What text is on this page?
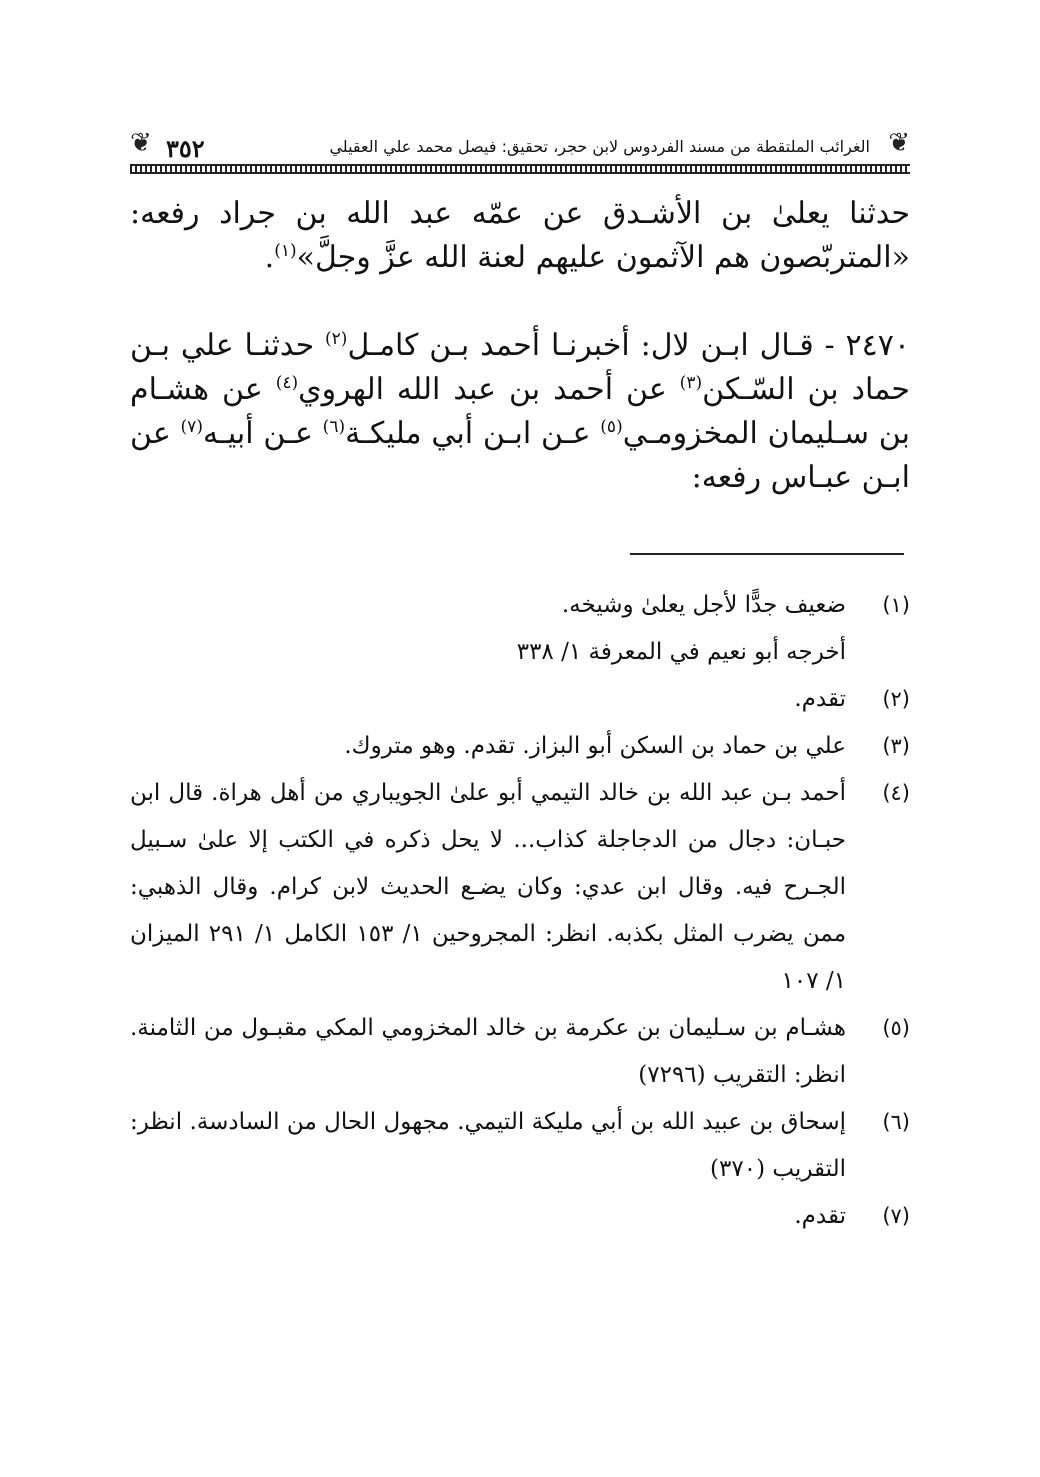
❦
الغرائب الملتقطة من مسند الفردوس لابن حجر، تحقيق: فيصل محمد علي العقيلي
٣٥٢
❦

حدثنا يعلىٰ بن الأشـدق عن عمّه عبد الله بن جراد رفعه: «المتربّصون هم الآثمون عليهم لعنة الله عزَّ وجلَّ»$^{(١)}$.

٢٤٧٠ - قـال ابـن لال: أخبرنـا أحمد بـن كامـل$^{(٢)}$ حدثنـا علي بـن حماد بن السّـكن$^{(٣)}$ عن أحمد بن عبد الله الهروي$^{(٤)}$ عن هشـام بن سـليمان المخزومـي$^{(٥)}$ عـن ابـن أبي مليكـة$^{(٦)}$ عـن أبيـه$^{(٧)}$ عن ابـن عبـاس رفعه:

(١)
ضعيف جدًّا لأجل يعلىٰ وشيخه.
أخرجه أبو نعيم في المعرفة ١/ ٣٣٨
(٢)
تقدم.
(٣)
علي بن حماد بن السكن أبو البزاز. تقدم. وهو متروك.
(٤)
أحمد بـن عبد الله بن خالد التيمي أبو علىٰ الجويباري من أهل هراة. قال ابن حبـان: دجال من الدجاجلة كذاب... لا يحل ذكره في الكتب إلا علىٰ سـبيل الجـرح فيه. وقال ابن عدي: وكان يضـع الحديث لابن كرام. وقال الذهبي: ممن يضرب المثل بكذبه. انظر: المجروحين ١/ ١٥٣ الكامل ١/ ٢٩١ الميزان ١/ ١٠٧
(٥)
هشـام بن سـليمان بن عكرمة بن خالد المخزومي المكي مقبـول من الثامنة. انظر: التقريب (٧٢٩٦)
(٦)
إسحاق بن عبيد الله بن أبي مليكة التيمي. مجهول الحال من السادسة. انظر: التقريب (٣٧٠)
(٧)
تقدم.
